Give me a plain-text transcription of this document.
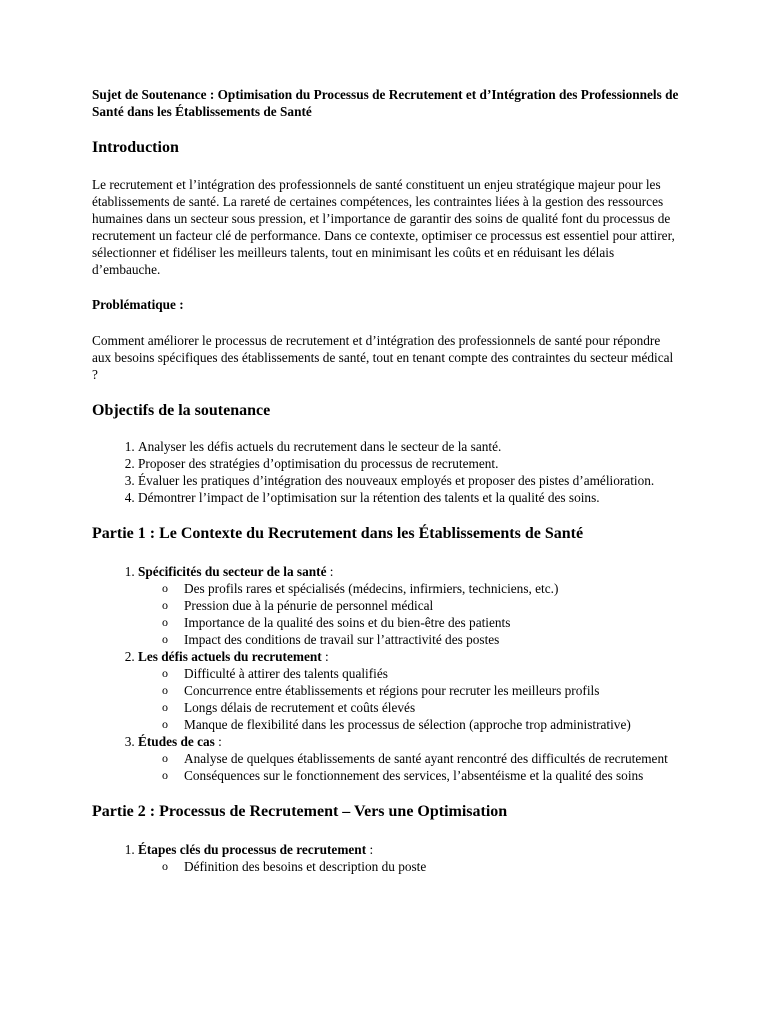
Sujet de Soutenance : Optimisation du Processus de Recrutement et d’Intégration des Professionnels de Santé dans les Établissements de Santé

Introduction

Le recrutement et l’intégration des professionnels de santé constituent un enjeu stratégique majeur pour les établissements de santé. La rareté de certaines compétences, les contraintes liées à la gestion des ressources humaines dans un secteur sous pression, et l’importance de garantir des soins de qualité font du processus de recrutement un facteur clé de performance. Dans ce contexte, optimiser ce processus est essentiel pour attirer, sélectionner et fidéliser les meilleurs talents, tout en minimisant les coûts et en réduisant les délais d’embauche.

Problématique :

Comment améliorer le processus de recrutement et d’intégration des professionnels de santé pour répondre aux besoins spécifiques des établissements de santé, tout en tenant compte des contraintes du secteur médical ?

Objectifs de la soutenance
1. Analyser les défis actuels du recrutement dans le secteur de la santé.
2. Proposer des stratégies d’optimisation du processus de recrutement.
3. Évaluer les pratiques d’intégration des nouveaux employés et proposer des pistes d’amélioration.
4. Démontrer l’impact de l’optimisation sur la rétention des talents et la qualité des soins.
Partie 1 : Le Contexte du Recrutement dans les Établissements de Santé
1. Spécificités du secteur de la santé :
o Des profils rares et spécialisés (médecins, infirmiers, techniciens, etc.)
o Pression due à la pénurie de personnel médical
o Importance de la qualité des soins et du bien-être des patients
o Impact des conditions de travail sur l’attractivité des postes
2. Les défis actuels du recrutement :
o Difficulté à attirer des talents qualifiés
o Concurrence entre établissements et régions pour recruter les meilleurs profils
o Longs délais de recrutement et coûts élevés
o Manque de flexibilité dans les processus de sélection (approche trop administrative)
3. Études de cas :
o Analyse de quelques établissements de santé ayant rencontré des difficultés de recrutement
o Conséquences sur le fonctionnement des services, l’absentéisme et la qualité des soins
Partie 2 : Processus de Recrutement – Vers une Optimisation
1. Étapes clés du processus de recrutement :
o Définition des besoins et description du poste
